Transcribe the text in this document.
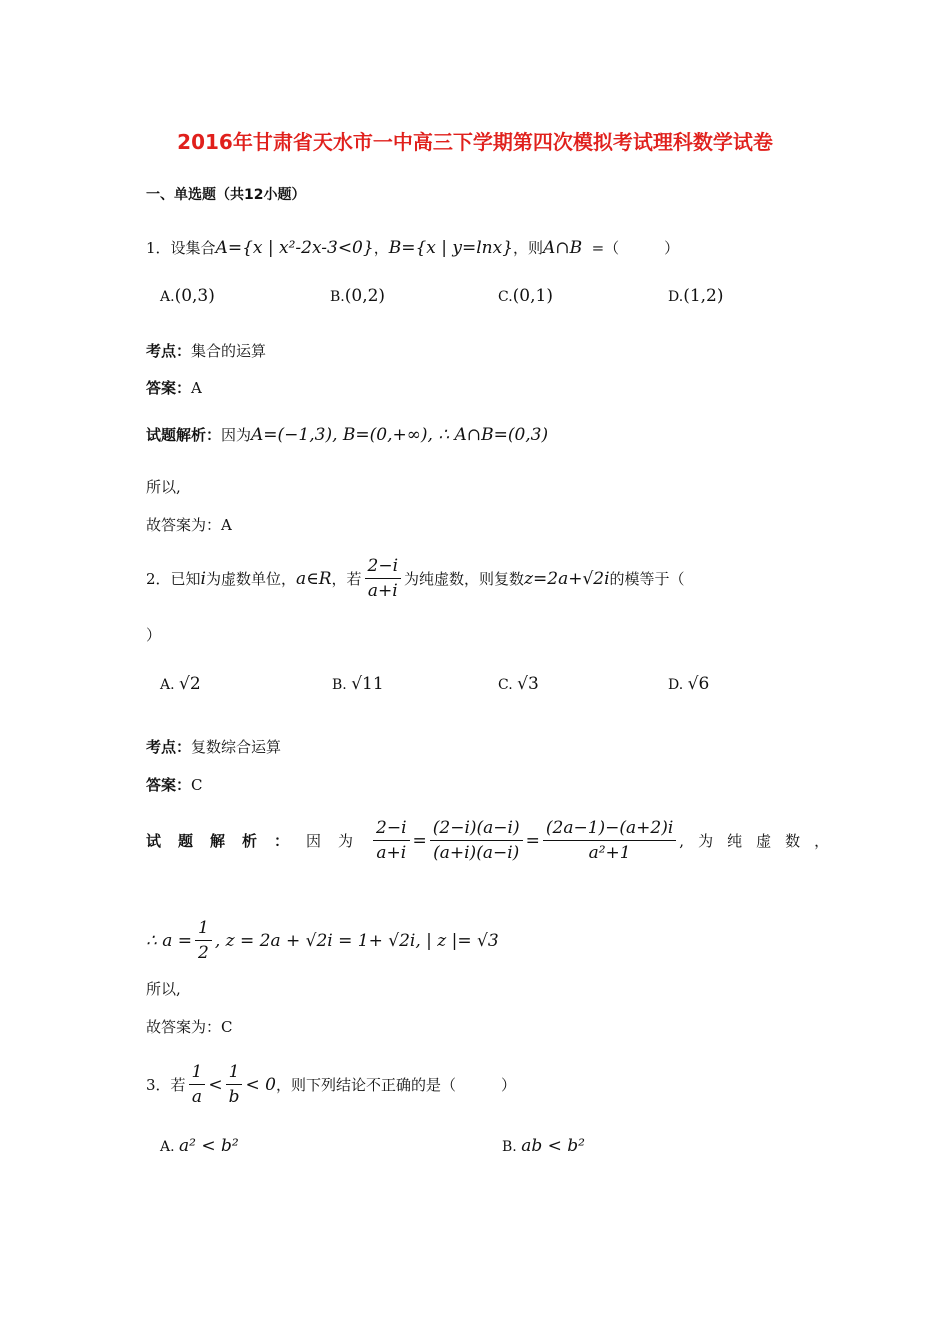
2016年甘肃省天水市一中高三下学期第四次模拟考试理科数学试卷
一、单选题（共12小题）
1．设集合A={x | x²-2x-3<0}，B={x | y=lnx}，则A∩B =（　　　）
A.(0,3)	B.(0,2)	C.(0,1)	D.(1,2)
考点：集合的运算
答案：A
试题解析：因为A=(−1,3), B=(0,+∞), ∴ A∩B=(0,3)
所以,
故答案为：A
2．已知 i 为虚数单位， a∈R ，若 $\frac{2-i}{a+i}$ 为纯虚数，则复数 z=2a+√2i 的模等于（
）
A. √2	B. √11	C. √3	D. √6
考点：复数综合运算
答案：C
试题解析： 因为 $\frac{2-i}{a+i} = \frac{(2-i)(a-i)}{(a+i)(a-i)} = \frac{(2a-1)-(a+2)i}{\text{a²+1}}$ ,为纯虚数，
∴ $a = \frac{1}{2}$ , z = 2a + √2i = 1+ √2i, | z |= √3
所以,
故答案为：C
3．若 $\frac{1}{a} < \frac{1}{b} < 0$ ，则下列结论不正确的是（　　　）
A. a² < b²	B. ab < b²
